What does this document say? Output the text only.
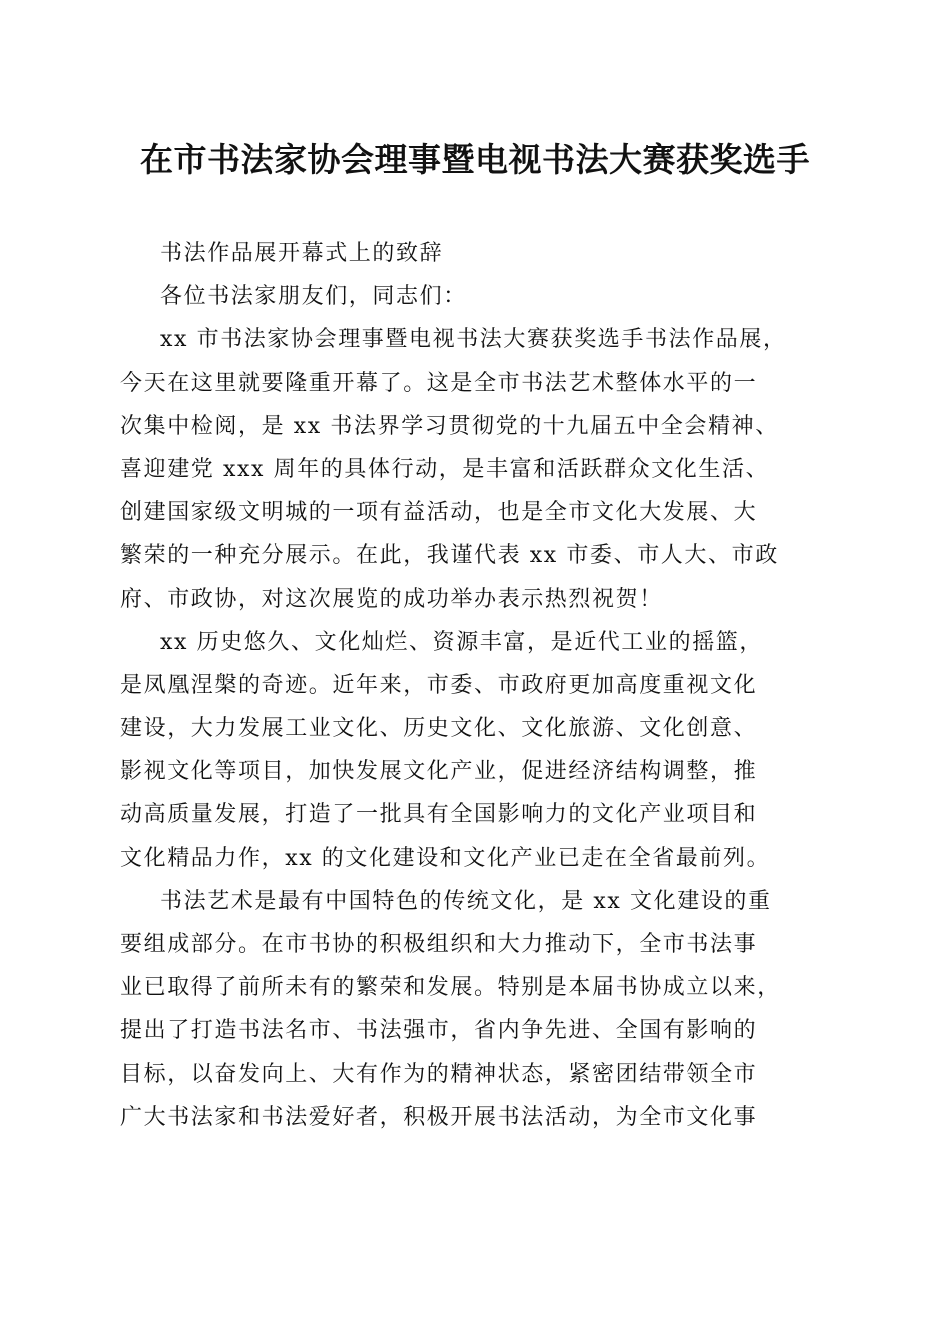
在市书法家协会理事暨电视书法大赛获奖选手
书法作品展开幕式上的致辞
各位书法家朋友们，同志们：
xx 市书法家协会理事暨电视书法大赛获奖选手书法作品展，
今天在这里就要隆重开幕了。这是全市书法艺术整体水平的一
次集中检阅，是 xx 书法界学习贯彻党的十九届五中全会精神、
喜迎建党 xxx 周年的具体行动，是丰富和活跃群众文化生活、
创建国家级文明城的一项有益活动，也是全市文化大发展、大
繁荣的一种充分展示。在此，我谨代表 xx 市委、市人大、市政
府、市政协，对这次展览的成功举办表示热烈祝贺！
xx 历史悠久、文化灿烂、资源丰富，是近代工业的摇篮，
是凤凰涅槃的奇迹。近年来，市委、市政府更加高度重视文化
建设，大力发展工业文化、历史文化、文化旅游、文化创意、
影视文化等项目，加快发展文化产业，促进经济结构调整，推
动高质量发展，打造了一批具有全国影响力的文化产业项目和
文化精品力作，xx 的文化建设和文化产业已走在全省最前列。
书法艺术是最有中国特色的传统文化，是 xx 文化建设的重
要组成部分。在市书协的积极组织和大力推动下，全市书法事
业已取得了前所未有的繁荣和发展。特别是本届书协成立以来，
提出了打造书法名市、书法强市，省内争先进、全国有影响的
目标，以奋发向上、大有作为的精神状态，紧密团结带领全市
广大书法家和书法爱好者，积极开展书法活动，为全市文化事
